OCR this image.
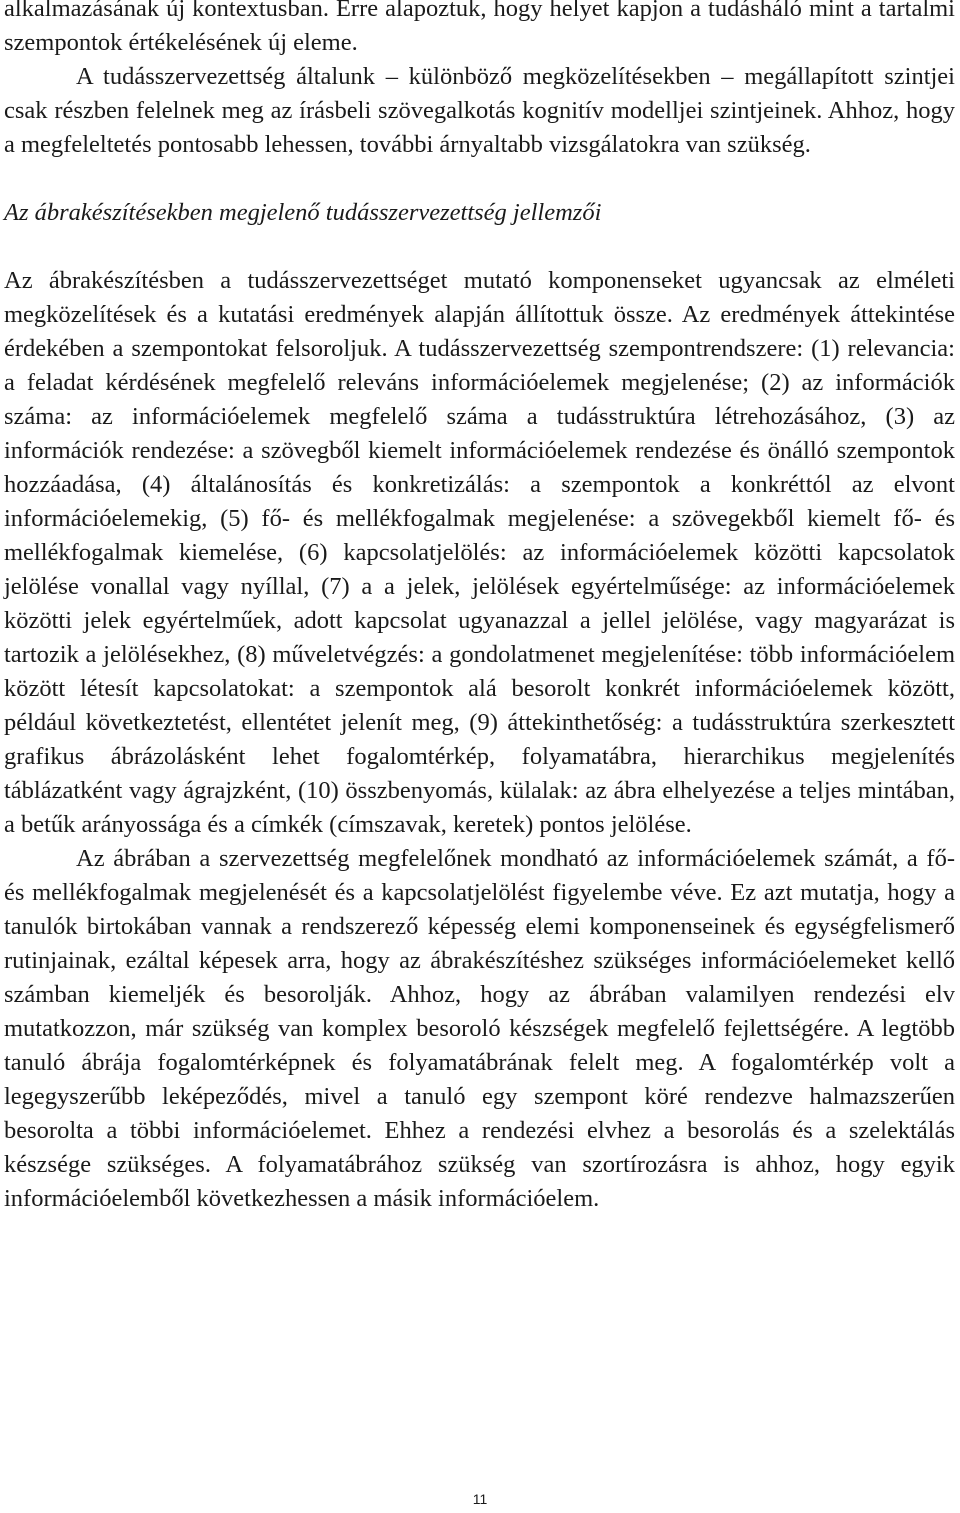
alkalmazásának új kontextusban. Erre alapoztuk, hogy helyet kapjon a tudásháló mint a tartalmi szempontok értékelésének új eleme.

A tudásszervezettség általunk – különböző megközelítésekben – megállapított szintjei csak részben felelnek meg az írásbeli szövegalkotás kognitív modelljei szintjeinek. Ahhoz, hogy a megfeleltetés pontosabb lehessen, további árnyaltabb vizsgálatokra van szükség.

Az ábrakészítésekben megjelenő tudásszervezettség jellemzői

Az ábrakészítésben a tudásszervezettséget mutató komponenseket ugyancsak az elméleti megközelítések és a kutatási eredmények alapján állítottuk össze. Az eredmények áttekintése érdekében a szempontokat felsoroljuk. A tudásszervezettség szempontrendszere: (1) relevancia: a feladat kérdésének megfelelő releváns információelemek megjelenése; (2) az információk száma: az információelemek megfelelő száma a tudásstruktúra létrehozásához, (3) az információk rendezése: a szövegből kiemelt információelemek rendezése és önálló szempontok hozzáadása, (4) általánosítás és konkretizálás: a szempontok a konkréttól az elvont információelemekig, (5) fő- és mellékfogalmak megjelenése: a szövegekből kiemelt fő- és mellékfogalmak kiemelése, (6) kapcsolatjelölés: az információelemek közötti kapcsolatok jelölése vonallal vagy nyíllal, (7) a a jelek, jelölések egyértelműsége: az információelemek közötti jelek egyértelműek, adott kapcsolat ugyanazzal a jellel jelölése, vagy magyarázat is tartozik a jelölésekhez, (8) műveletvégzés: a gondolatmenet megjelenítése: több információelem között létesít kapcsolatokat: a szempontok alá besorolt konkrét információelemek között, például következtetést, ellentétet jelenít meg, (9) áttekinthetőség: a tudásstruktúra szerkesztett grafikus ábrázolásként lehet fogalomtérkép, folyamatábra, hierarchikus megjelenítés táblázatként vagy ágrajzként, (10) összbenyomás, külalak: az ábra elhelyezése a teljes mintában, a betűk arányossága és a címkék (címszavak, keretek) pontos jelölése.

Az ábrában a szervezettség megfelelőnek mondható az információelemek számát, a fő- és mellékfogalmak megjelenését és a kapcsolatjelölést figyelembe véve. Ez azt mutatja, hogy a tanulók birtokában vannak a rendszerező képesség elemi komponenseinek és egységfelismerő rutinjainak, ezáltal képesek arra, hogy az ábrakészítéshez szükséges információelemeket kellő számban kiemeljék és besorolják. Ahhoz, hogy az ábrában valamilyen rendezési elv mutatkozzon, már szükség van komplex besoroló készségek megfelelő fejlettségére. A legtöbb tanuló ábrája fogalomtérképnek és folyamatábrának felelt meg. A fogalomtérkép volt a legegyszerűbb leképeződés, mivel a tanuló egy szempont köré rendezve halmazszerűen besorolta a többi információelemet. Ehhez a rendezési elvhez a besorolás és a szelektálás készsége szükséges. A folyamatábrához szükség van szortírozásra is ahhoz, hogy egyik információelemből következhessen a másik információelem.

11
